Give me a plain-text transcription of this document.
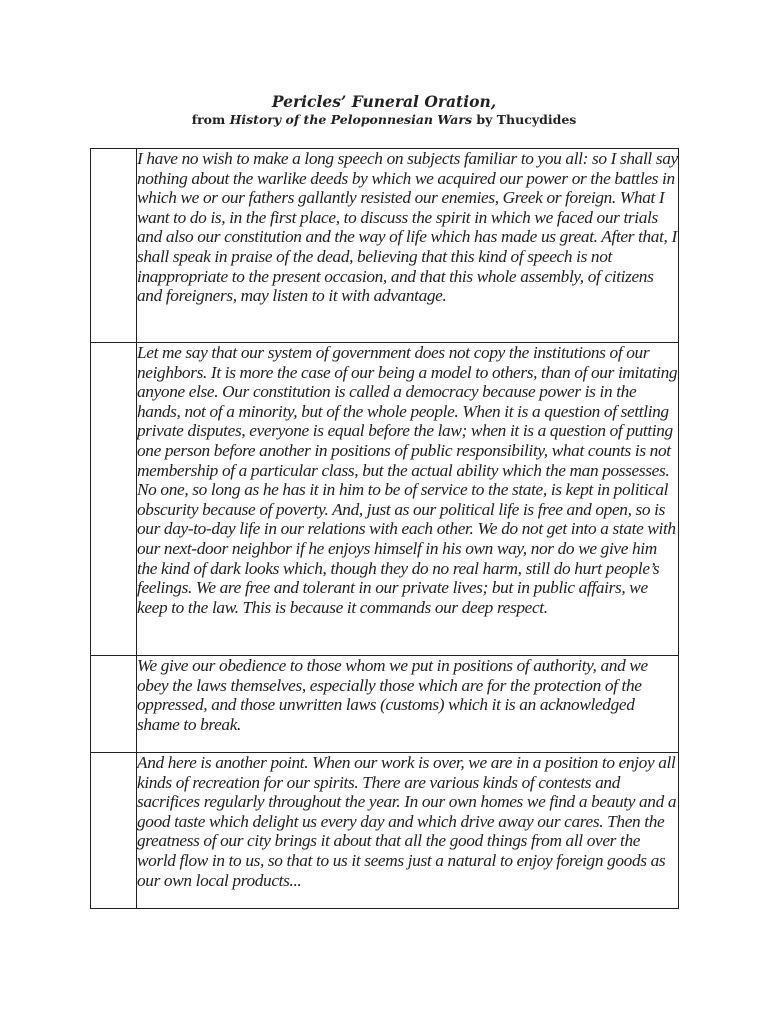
Pericles’ Funeral Oration,
from History of the Peloponnesian Wars by Thucydides

	I have no wish to make a long speech on subjects familiar to you all: so I shall say nothing about the warlike deeds by which we acquired our power or the battles in which we or our fathers gallantly resisted our enemies, Greek or foreign. What I want to do is, in the first place, to discuss the spirit in which we faced our trials and also our constitution and the way of life which has made us great. After that, I shall speak in praise of the dead, believing that this kind of speech is not inappropriate to the present occasion, and that this whole assembly, of citizens and foreigners, may listen to it with advantage.

	Let me say that our system of government does not copy the institutions of our neighbors. It is more the case of our being a model to others, than of our imitating anyone else. Our constitution is called a democracy because power is in the hands, not of a minority, but of the whole people. When it is a question of settling private disputes, everyone is equal before the law; when it is a question of putting one person before another in positions of public responsibility, what counts is not membership of a particular class, but the actual ability which the man possesses. No one, so long as he has it in him to be of service to the state, is kept in political obscurity because of poverty. And, just as our political life is free and open, so is our day-to-day life in our relations with each other. We do not get into a state with our next-door neighbor if he enjoys himself in his own way, nor do we give him the kind of dark looks which, though they do no real harm, still do hurt people’s feelings. We are free and tolerant in our private lives; but in public affairs, we keep to the law. This is because it commands our deep respect.

	We give our obedience to those whom we put in positions of authority, and we obey the laws themselves, especially those which are for the protection of the oppressed, and those unwritten laws (customs) which it is an acknowledged shame to break.

	And here is another point. When our work is over, we are in a position to enjoy all kinds of recreation for our spirits. There are various kinds of contests and sacrifices regularly throughout the year. In our own homes we find a beauty and a good taste which delight us every day and which drive away our cares. Then the greatness of our city brings it about that all the good things from all over the world flow in to us, so that to us it seems just a natural to enjoy foreign goods as our own local products...
